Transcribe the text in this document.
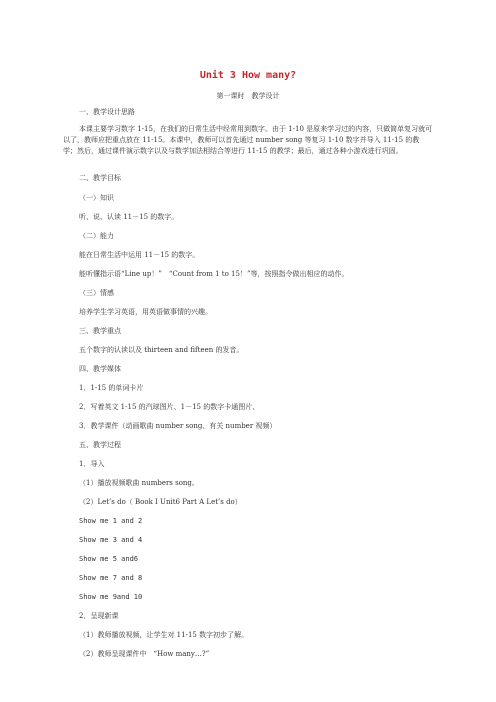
Unit 3 How many?
第一课时　教学设计
一、教学设计思路
本课主要学习数字 1-15，在我们的日常生活中经常用到数字。由于 1-10 是原来学习过的内容，只做简单复习就可以了，教师应把重点放在 11-15。本课中，教师可以首先通过 number song 等复习 1-10 数字并导入 11-15 的教学；然后，通过课件演示数字以及与数学加法相结合等进行 11-15 的教学；最后，通过各种小游戏进行巩固。
二、教学目标
（一）知识
听、说、认读 11－15 的数字。
（二）能力
能在日常生活中运用 11－15 的数字。
能听懂指示语“Line up！”　“Count from 1 to 15！”等，按照指令做出相应的动作。
（三）情感
培养学生学习英语，用英语做事情的兴趣。
三、教学重点
五个数字的认读以及 thirteen and fifteen 的发音。
四、教学媒体
1．1-15 的单词卡片
2．写着英文 1-15 的汽球图片、1－15 的数字卡通图片、
3．教学课件（动画歌曲 number song、有关 number 视频）
五、教学过程
1．导入
（1）播放视频歌曲 numbers song。
（2）Let’s do（ Book I Unit6 Part A Let’s do）
Show me 1 and 2
Show me 3 and 4
Show me 5 and6
Show me 7 and 8
Show me 9and 10
2．呈现新课
（1）教师播放视频，让学生对 11-15 数字初步了解。
（2）教师呈现课件中　“How many…?”
